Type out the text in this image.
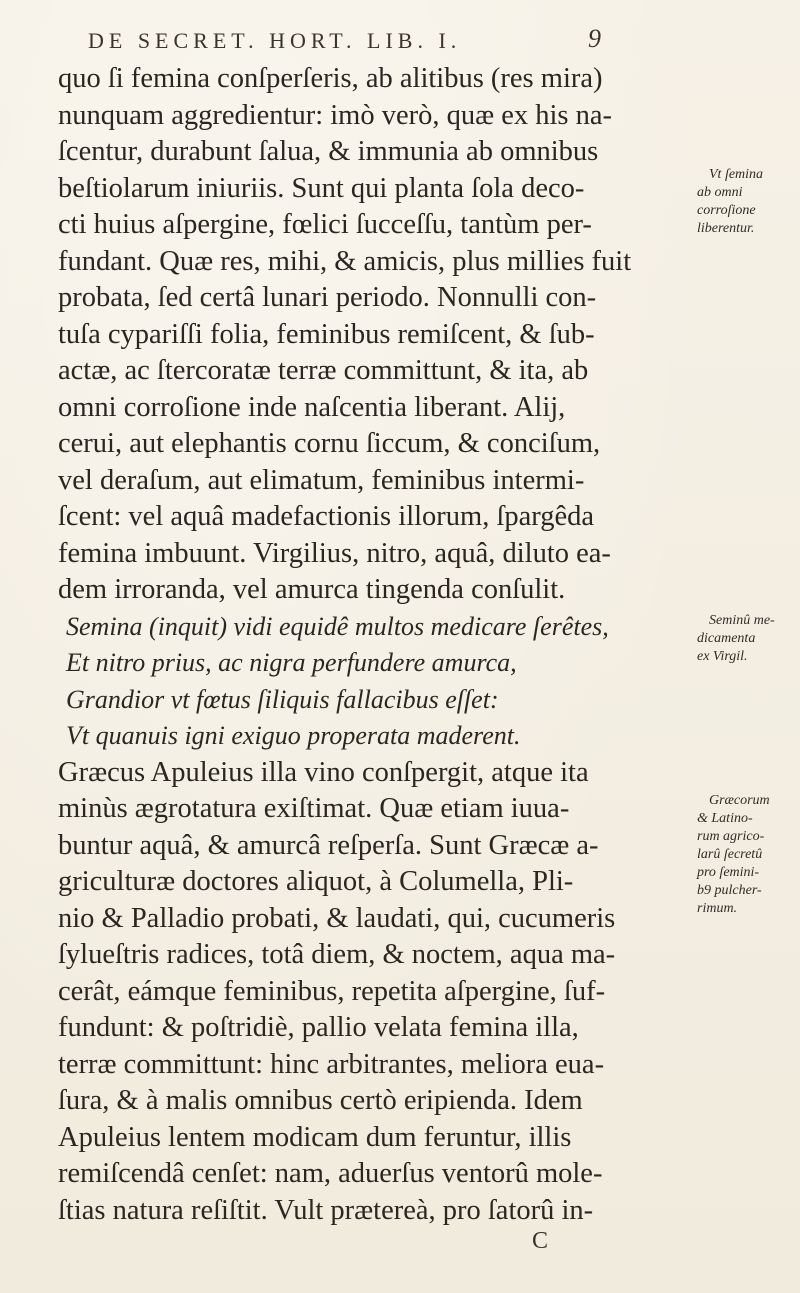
DE SECRET. HORT. LIB. I.	9
quo ſi femina conſperſeris, ab alitibus (res mira)
nunquam aggredientur: imò verò, quæ ex his na-
ſcentur, durabunt ſalua, & immunia ab omnibus
beſtiolarum iniuriis. Sunt qui planta ſola deco-
cti huius aſpergine, fœlici ſucceſſu, tantùm per-
fundant. Quæ res, mihi, & amicis, plus millies fuit
probata, ſed certâ lunari periodo. Nonnulli con-
tuſa cypariſſi folia, feminibus remiſcent, & ſub-
actæ, ac ſtercoratæ terræ committunt, & ita, ab
omni corroſione inde naſcentia liberant. Alij,
cerui, aut elephantis cornu ſiccum, & conciſum,
vel deraſum, aut elimatum, feminibus intermi-
ſcent: vel aquâ madefactionis illorum, ſpargêda
femina imbuunt. Virgilius, nitro, aquâ, diluto ea-
dem irroranda, vel amurca tingenda conſulit.
Semina (inquit) vidi equidê multos medicare ſerêtes,
Et nitro prius, ac nigra perfundere amurca,
Grandior vt fœtus ſiliquis fallacibus eſſet:
Vt quanuis igni exiguo properata maderent.
Græcus Apuleius illa vino conſpergit, atque ita
minùs ægrotatura exiſtimat. Quæ etiam iuua-
buntur aquâ, & amurcâ reſperſa. Sunt Græcæ a-
griculturæ doctores aliquot, à Columella, Pli-
nio & Palladio probati, & laudati, qui, cucumeris
ſylueſtris radices, totâ diem, & noctem, aqua ma-
cerât, eámque feminibus, repetita aſpergine, ſuf-
fundunt: & poſtridiè, pallio velata femina illa,
terræ committunt: hinc arbitrantes, meliora eua-
ſura, & à malis omnibus certò eripienda. Idem
Apuleius lentem modicam dum feruntur, illis
remiſcendâ cenſet: nam, aduerſus ventorû mole-
ſtias natura reſiſtit. Vult prætereà, pro ſatorû in-
Vt ſemina
ab omni
corroſione
liberentur.
Seminû me-
dicamenta
ex Virgil.
Græcorum
& Latino-
rum agrico-
larû ſecretû
pro ſemini-
b9 pulcher-
rimum.
C
